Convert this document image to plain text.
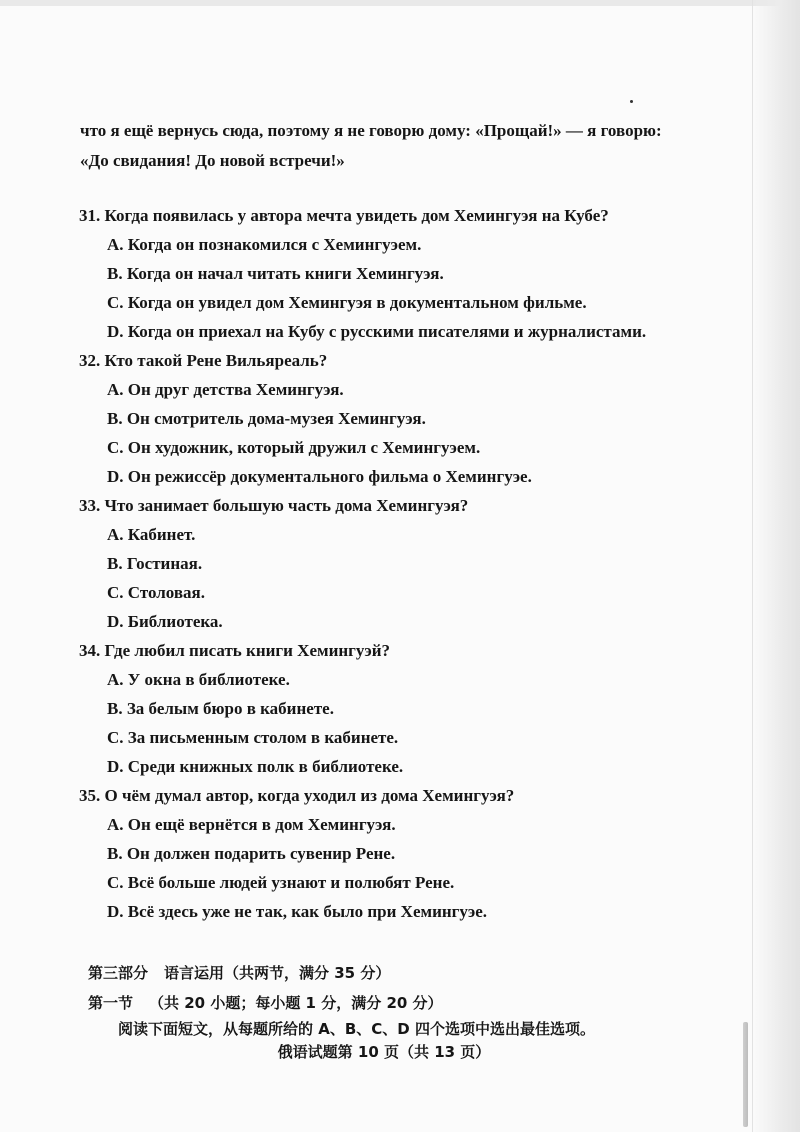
что я ещё вернусь сюда, поэтому я не говорю дому: «Прощай!» — я говорю:

«До свидания! До новой встречи!»

31. Когда появилась у автора мечта увидеть дом Хемингуэя на Кубе?
A. Когда он познакомился с Хемингуэем.
B. Когда он начал читать книги Хемингуэя.
C. Когда он увидел дом Хемингуэя в документальном фильме.
D. Когда он приехал на Кубу с русскими писателями и журналистами.
32. Кто такой Рене Вильяреаль?
A. Он друг детства Хемингуэя.
B. Он смотритель дома-музея Хемингуэя.
C. Он художник, который дружил с Хемингуэем.
D. Он режиссёр документального фильма о Хемингуэе.
33. Что занимает большую часть дома Хемингуэя?
A. Кабинет.
B. Гостиная.
C. Столовая.
D. Библиотека.
34. Где любил писать книги Хемингуэй?
A. У окна в библиотеке.
B. За белым бюро в кабинете.
C. За письменным столом в кабинете.
D. Среди книжных полк в библиотеке.
35. О чём думал автор, когда уходил из дома Хемингуэя?
A. Он ещё вернётся в дом Хемингуэя.
B. Он должен подарить сувенир Рене.
C. Всё больше людей узнают и полюбят Рене.
D. Всё здесь уже не так, как было при Хемингуэе.
第三部分 语言运用（共两节，满分 35 分）
第一节 （共 20 小题；每小题 1 分，满分 20 分）
阅读下面短文，从每题所给的 A、B、C、D 四个选项中选出最佳选项。
俄语试题第 10 页（共 13 页）
